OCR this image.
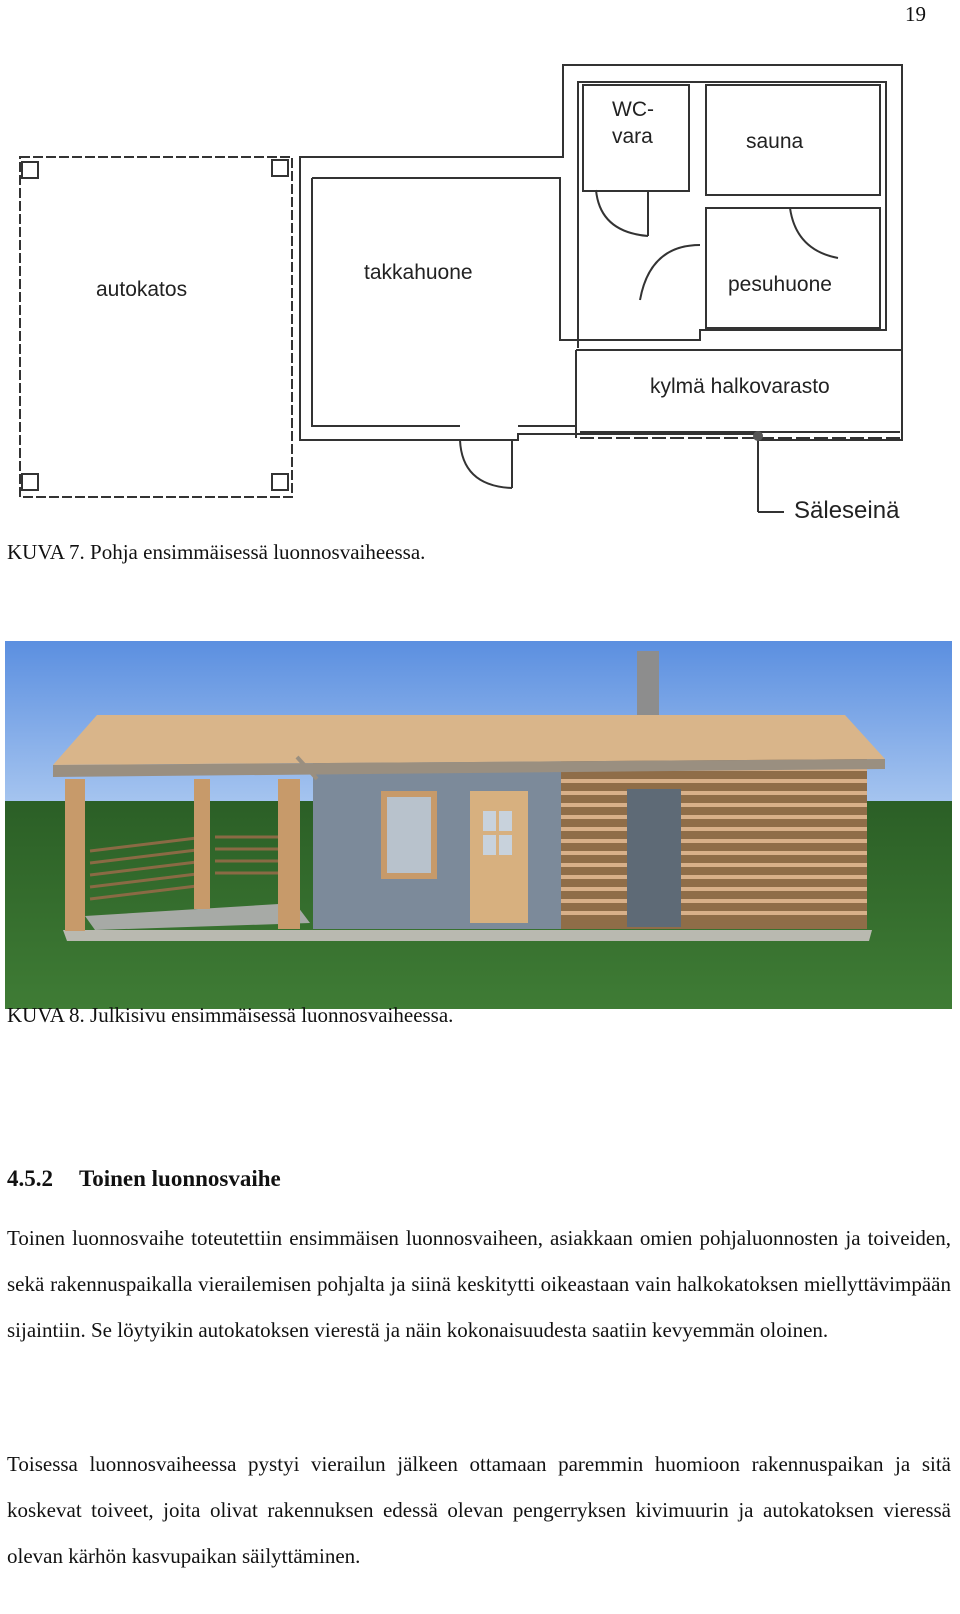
19
autokatos
takkahuone
WC-
vara	sauna
pesuhuone
kylmä halkovarasto
Säleseinä
KUVA 7. Pohja ensimmäisessä luonnosvaiheessa.
KUVA 8. Julkisivu ensimmäisessä luonnosvaiheessa.
4.5.2 Toinen luonnosvaihe

Toinen luonnosvaihe toteutettiin ensimmäisen luonnosvaiheen, asiakkaan omien pohjaluonnosten ja toiveiden, sekä rakennuspaikalla vierailemisen pohjalta ja siinä keskitytti oikeastaan vain halkokatoksen miellyttävimpään sijaintiin. Se löytyikin autokatoksen vierestä ja näin kokonaisuudesta saatiin kevyemmän oloinen.

Toisessa luonnosvaiheessa pystyi vierailun jälkeen ottamaan paremmin huomioon rakennuspaikan ja sitä koskevat toiveet, joita olivat rakennuksen edessä olevan pengerryksen kivimuurin ja autokatoksen vieressä olevan kärhön kasvupaikan säilyttäminen.
